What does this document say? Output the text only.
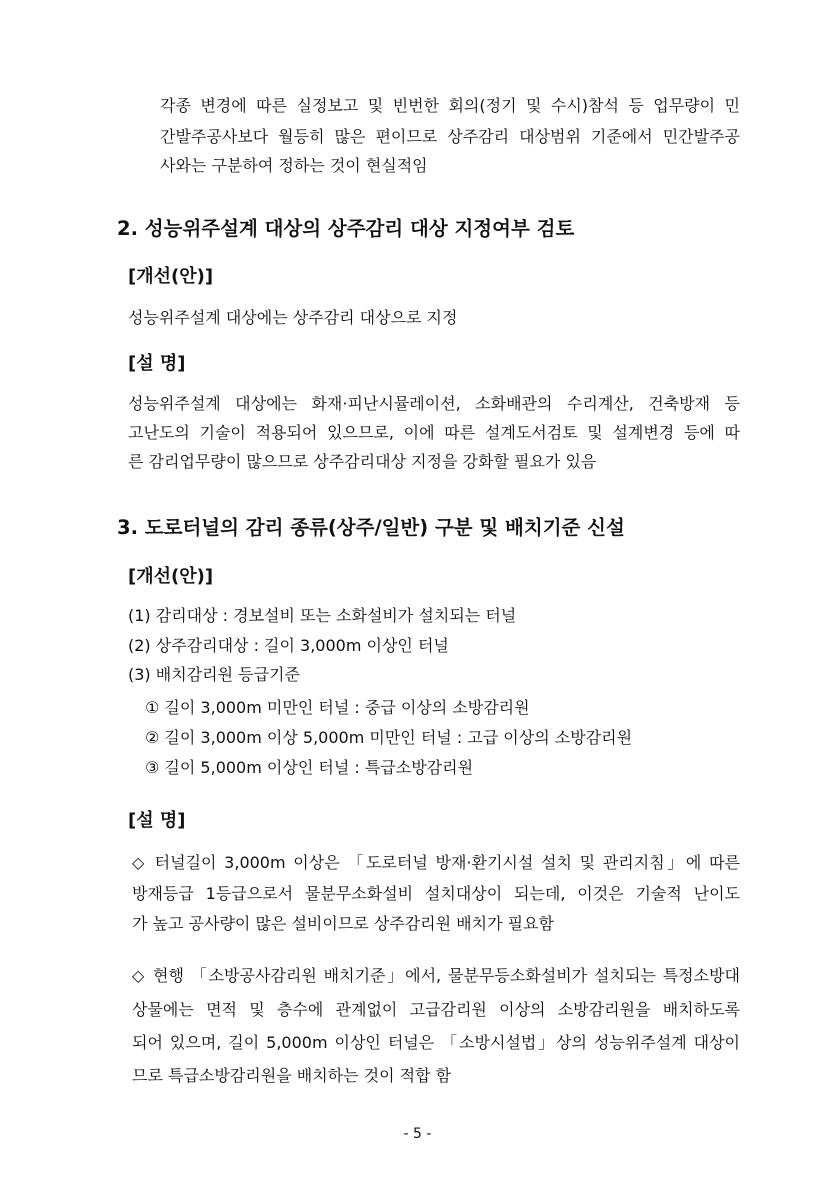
각종 변경에 따른 실정보고 및 빈번한 회의(정기 및 수시)참석 등 업무량이 민
간발주공사보다 월등히 많은 편이므로 상주감리 대상범위 기준에서 민간발주공
사와는 구분하여 정하는 것이 현실적임
2. 성능위주설계 대상의 상주감리 대상 지정여부 검토
[개선(안)]
성능위주설계 대상에는 상주감리 대상으로 지정
[설 명]
성능위주설계 대상에는 화재·피난시뮬레이션, 소화배관의 수리계산, 건축방재 등
고난도의 기술이 적용되어 있으므로, 이에 따른 설계도서검토 및 설계변경 등에 따
른 감리업무량이 많으므로 상주감리대상 지정을 강화할 필요가 있음
3. 도로터널의 감리 종류(상주/일반) 구분 및 배치기준 신설
[개선(안)]
(1) 감리대상 : 경보설비 또는 소화설비가 설치되는 터널
(2) 상주감리대상 : 길이 3,000m 이상인 터널
(3) 배치감리원 등급기준
① 길이 3,000m 미만인 터널 : 중급 이상의 소방감리원
② 길이 3,000m 이상 5,000m 미만인 터널 : 고급 이상의 소방감리원
③ 길이 5,000m 이상인 터널 : 특급소방감리원
[설 명]
◇ 터널길이 3,000m 이상은 「도로터널 방재·환기시설 설치 및 관리지침」에 따른
방재등급 1등급으로서 물분무소화설비 설치대상이 되는데, 이것은 기술적 난이도
가 높고 공사량이 많은 설비이므로 상주감리원 배치가 필요함
◇ 현행 「소방공사감리원 배치기준」에서, 물분무등소화설비가 설치되는 특정소방대
상물에는 면적 및 층수에 관계없이 고급감리원 이상의 소방감리원을 배치하도록
되어 있으며, 길이 5,000m 이상인 터널은 「소방시설법」상의 성능위주설계 대상이
므로 특급소방감리원을 배치하는 것이 적합 함
- 5 -
